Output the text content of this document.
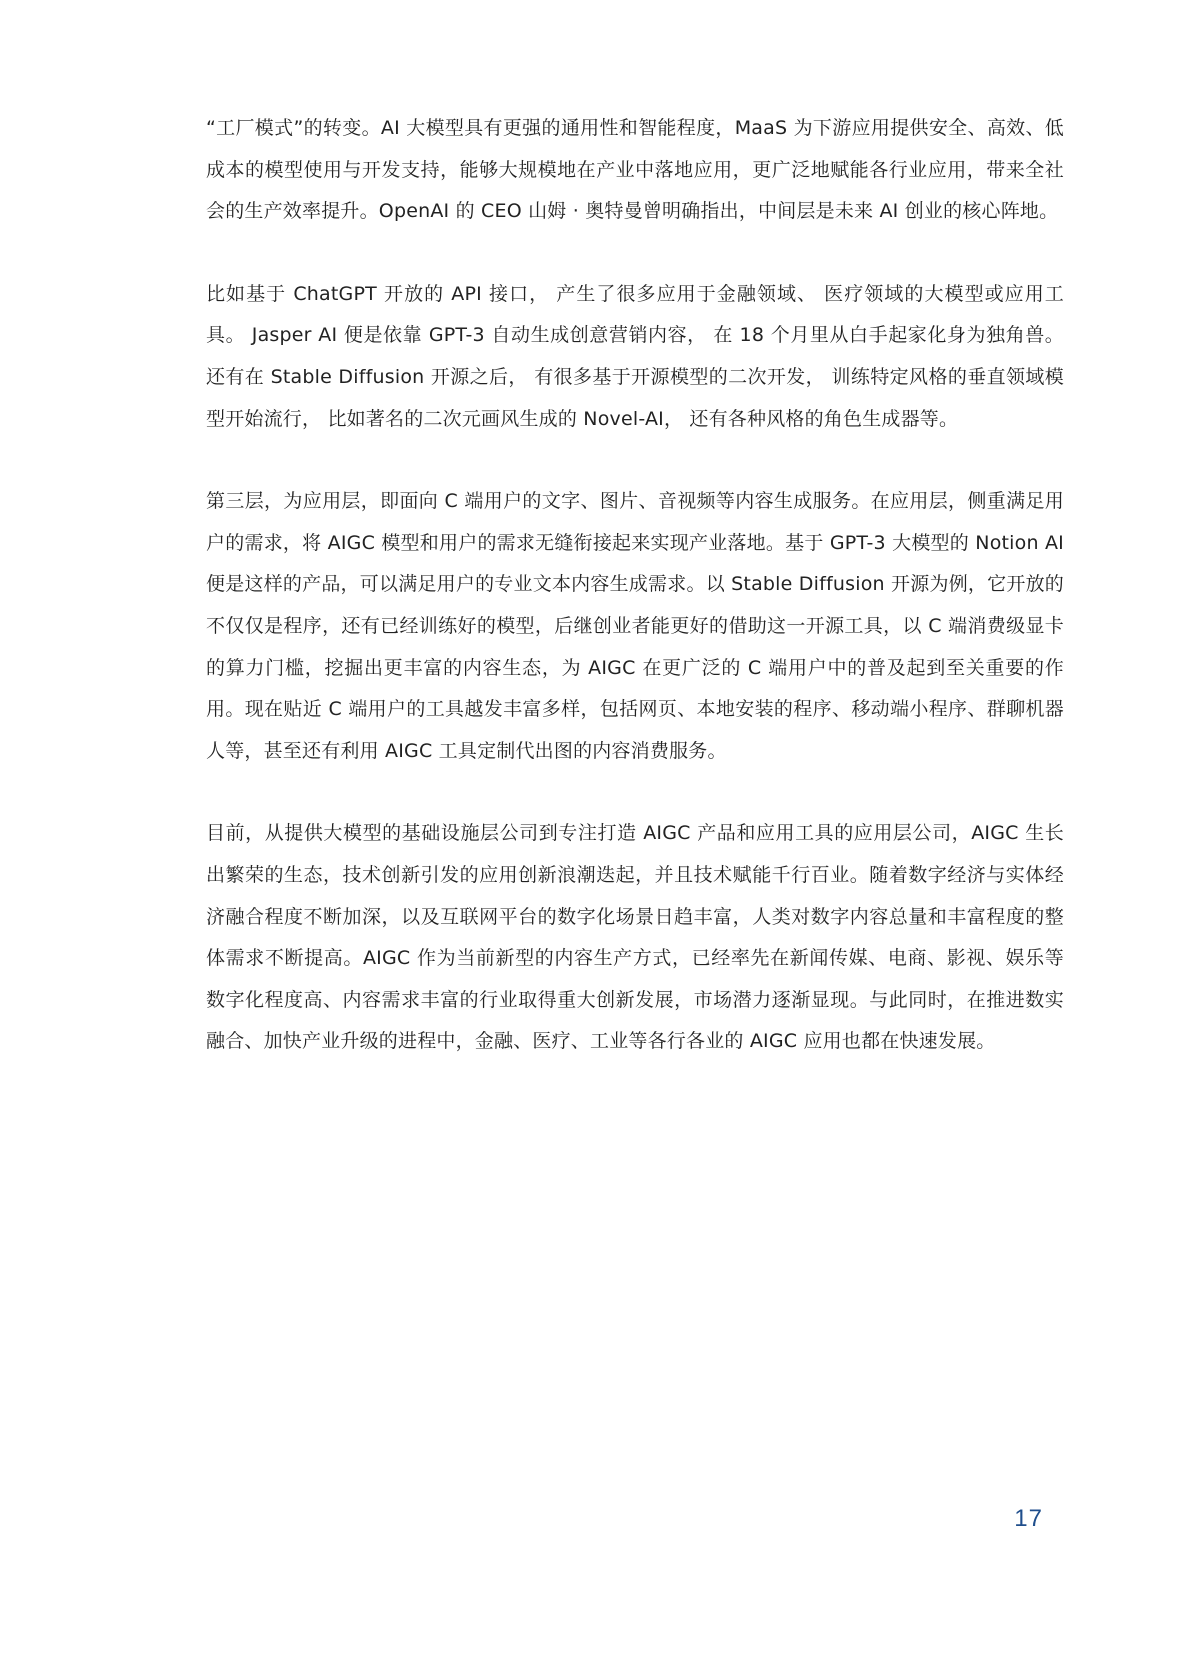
“工厂模式”的转变。AI 大模型具有更强的通用性和智能程度，MaaS 为下游应用提供安全、高效、低成本的模型使用与开发支持，能够大规模地在产业中落地应用，更广泛地赋能各行业应用，带来全社会的生产效率提升。OpenAI 的 CEO 山姆 · 奥特曼曾明确指出，中间层是未来 AI 创业的核心阵地。

比如基于 ChatGPT 开放的 API 接口， 产生了很多应用于金融领域、 医疗领域的大模型或应用工具。 Jasper AI 便是依靠 GPT-3 自动生成创意营销内容， 在 18 个月里从白手起家化身为独角兽。 还有在 Stable Diffusion 开源之后， 有很多基于开源模型的二次开发， 训练特定风格的垂直领域模型开始流行， 比如著名的二次元画风生成的 Novel-AI， 还有各种风格的角色生成器等。

第三层，为应用层，即面向 C 端用户的文字、图片、音视频等内容生成服务。在应用层，侧重满足用户的需求，将 AIGC 模型和用户的需求无缝衔接起来实现产业落地。基于 GPT-3 大模型的 Notion AI 便是这样的产品，可以满足用户的专业文本内容生成需求。以 Stable Diffusion 开源为例，它开放的不仅仅是程序，还有已经训练好的模型，后继创业者能更好的借助这一开源工具，以 C 端消费级显卡的算力门槛，挖掘出更丰富的内容生态，为 AIGC 在更广泛的 C 端用户中的普及起到至关重要的作用。现在贴近 C 端用户的工具越发丰富多样，包括网页、本地安装的程序、移动端小程序、群聊机器人等，甚至还有利用 AIGC 工具定制代出图的内容消费服务。

目前，从提供大模型的基础设施层公司到专注打造 AIGC 产品和应用工具的应用层公司，AIGC 生长出繁荣的生态，技术创新引发的应用创新浪潮迭起，并且技术赋能千行百业。随着数字经济与实体经济融合程度不断加深，以及互联网平台的数字化场景日趋丰富，人类对数字内容总量和丰富程度的整体需求不断提高。AIGC 作为当前新型的内容生产方式，已经率先在新闻传媒、电商、影视、娱乐等数字化程度高、内容需求丰富的行业取得重大创新发展，市场潜力逐渐显现。与此同时，在推进数实融合、加快产业升级的进程中，金融、医疗、工业等各行各业的 AIGC 应用也都在快速发展。

17
